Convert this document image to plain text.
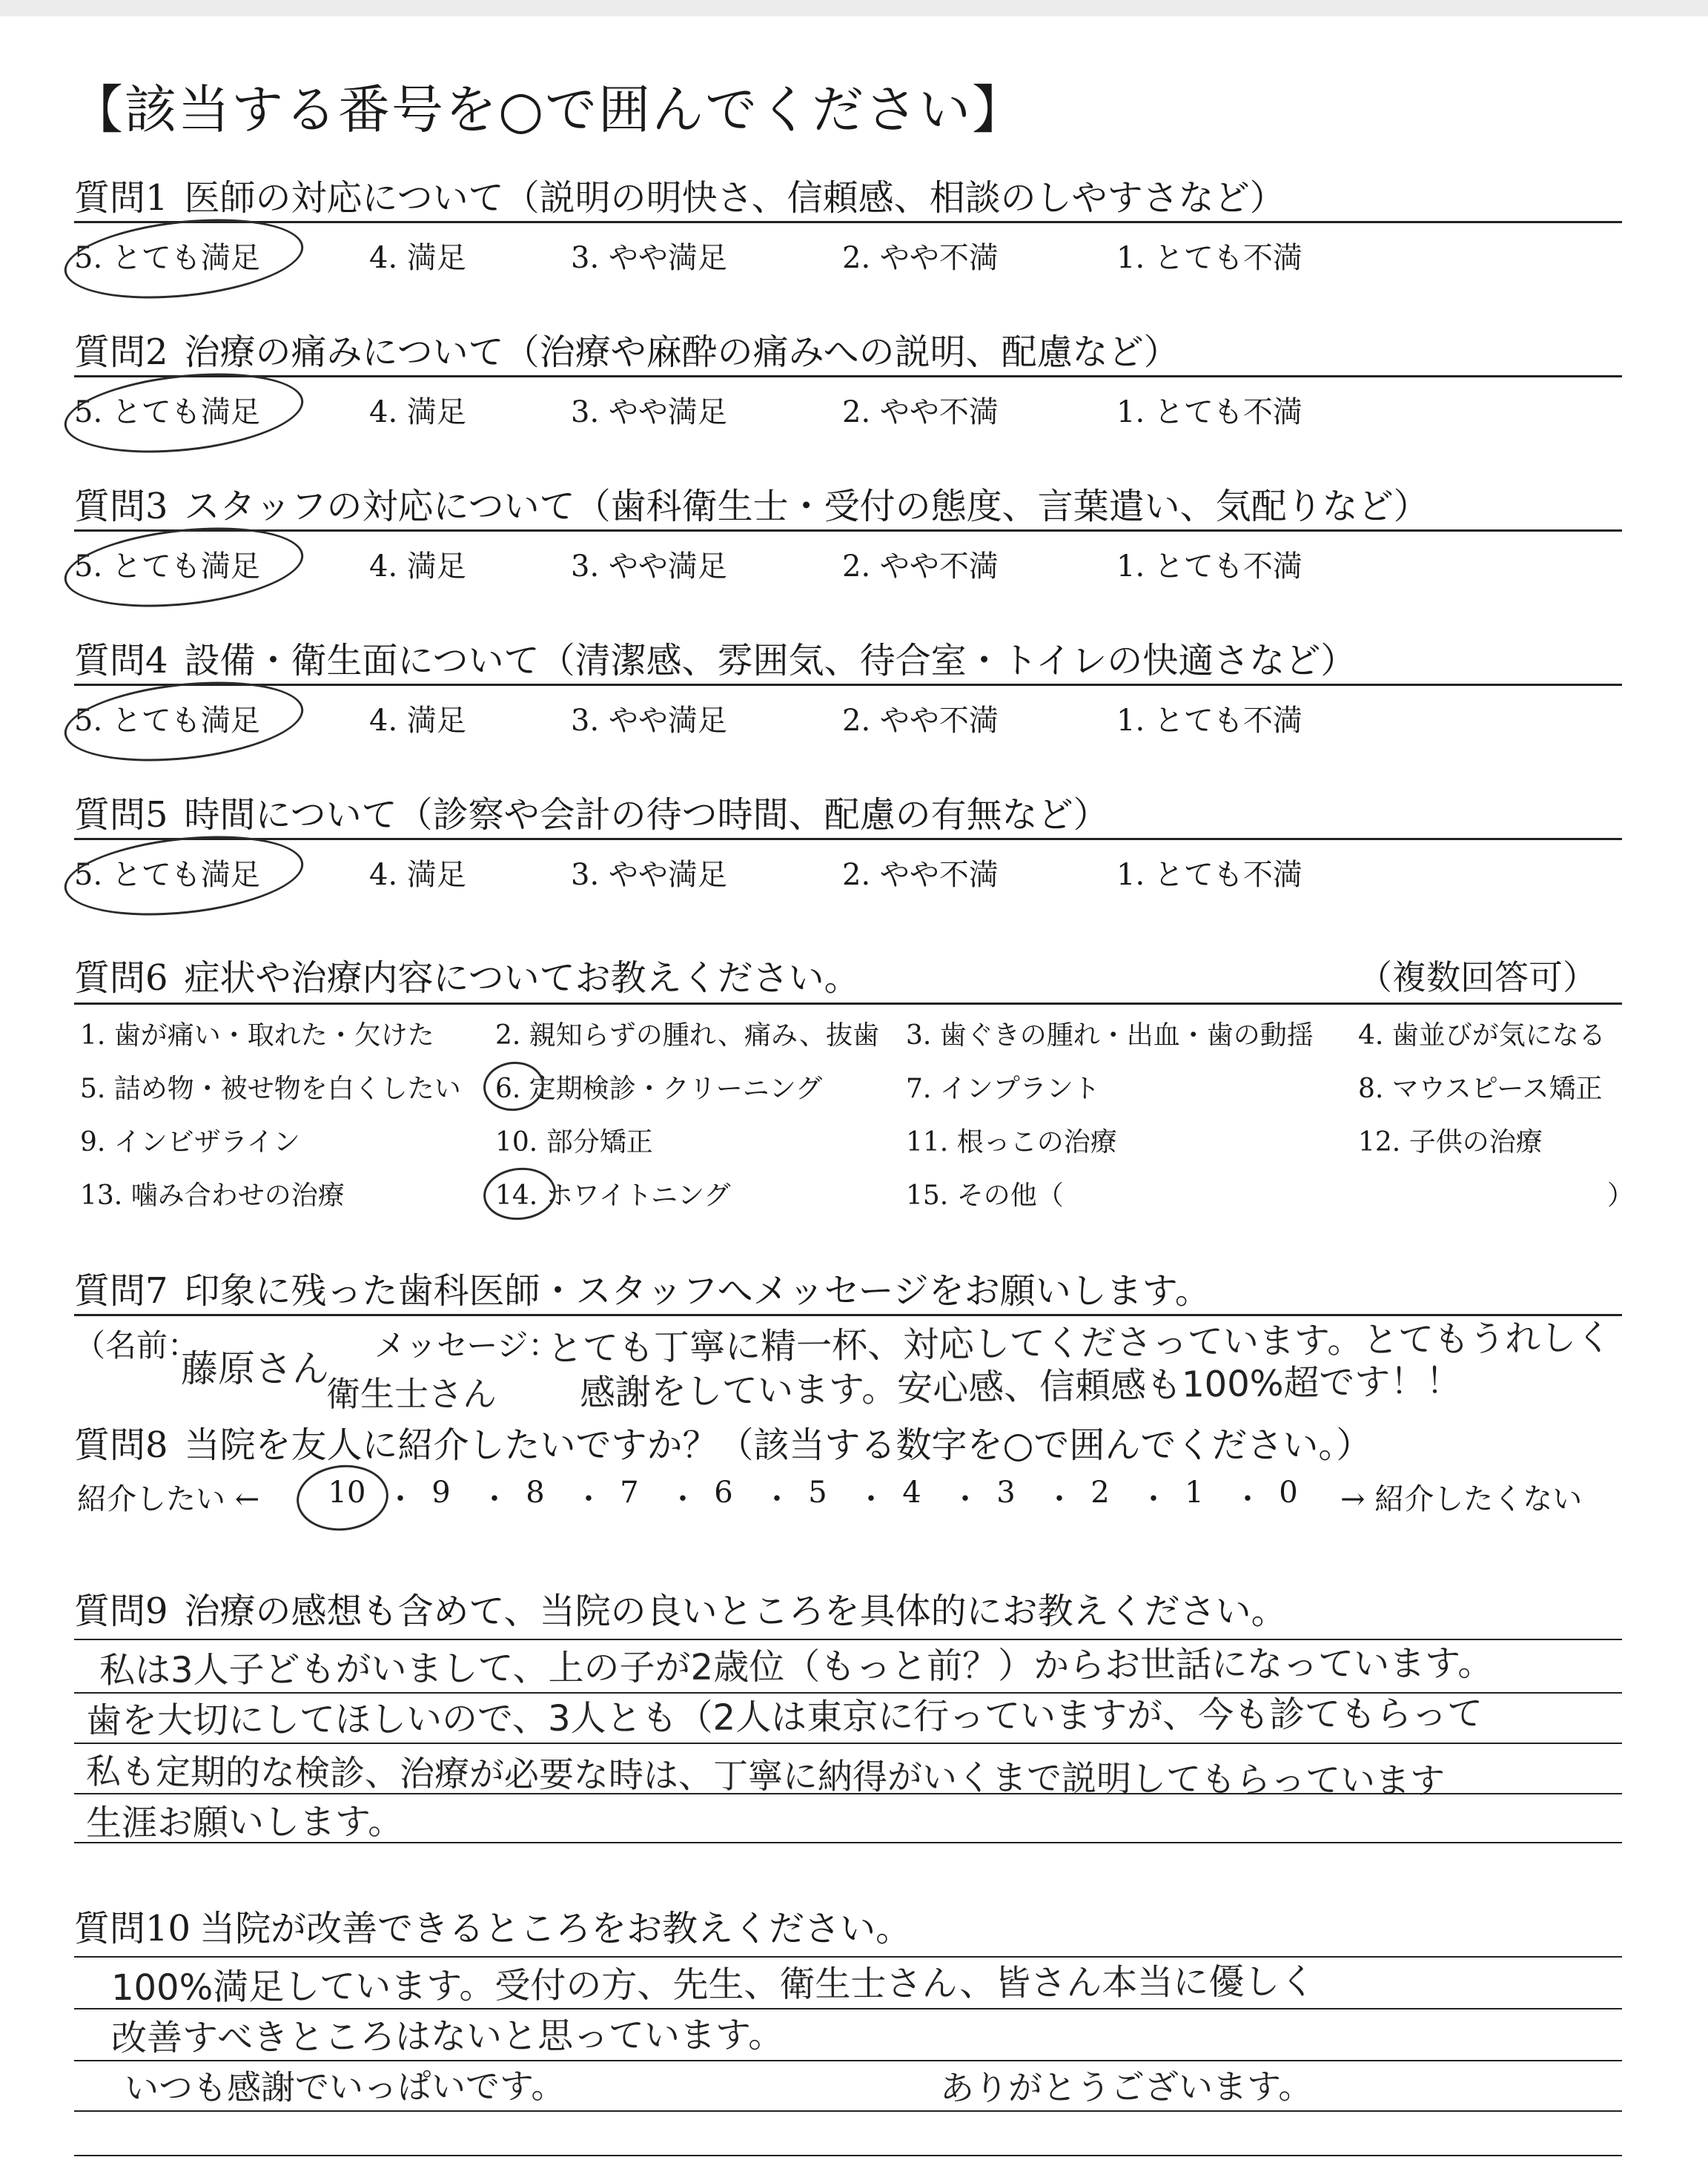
【該当する番号を○で囲んでください】
質問1 医師の対応について（説明の明快さ、信頼感、相談のしやすさなど）
5. とても満足	4. 満足	3. やや満足	2. やや不満	1. とても不満
質問2 治療の痛みについて（治療や麻酔の痛みへの説明、配慮など）
5. とても満足	4. 満足	3. やや満足	2. やや不満	1. とても不満
質問3 スタッフの対応について（歯科衛生士・受付の態度、言葉遣い、気配りなど）
5. とても満足	4. 満足	3. やや満足	2. やや不満	1. とても不満
質問4 設備・衛生面について（清潔感、雰囲気、待合室・トイレの快適さなど）
5. とても満足	4. 満足	3. やや満足	2. やや不満	1. とても不満
質問5 時間について（診察や会計の待つ時間、配慮の有無など）
5. とても満足	4. 満足	3. やや満足	2. やや不満	1. とても不満
質問6 症状や治療内容についてお教えください。	（複数回答可）
1. 歯が痛い・取れた・欠けた 2. 親知らずの腫れ、痛み、抜歯 3. 歯ぐきの腫れ・出血・歯の動揺 4. 歯並びが気になる
5. 詰め物・被せ物を白くしたい 6. 定期検診・クリーニング	7. インプラント	8. マウスピース矯正
9. インビザライン	10. 部分矯正	11. 根っこの治療	12. 子供の治療
13. 噛み合わせの治療	14. ホワイトニング	15. その他（	）
質問7 印象に残った歯科医師・スタッフへメッセージをお願いします。
（名前：	メッセージ：
藤原さん
衛生士さん
とても丁寧に精一杯、対応してくださっています。とてもうれしく
感謝をしています。安心感、信頼感も100%超です！！
質問8 当院を友人に紹介したいですか？（該当する数字を○で囲んでください。）
紹介したい ← 10 ・ 9 ・ 8 ・ 7 ・ 6 ・ 5 ・ 4 ・ 3 ・ 2 ・ 1 ・ 0	→ 紹介したくない
質問9 治療の感想も含めて、当院の良いところを具体的にお教えください。
私は3人子どもがいまして、上の子が2歳位（もっと前？）からお世話になっています。
歯を大切にしてほしいので、3人とも（2人は東京に行っていますが、今も診てもらって
私も定期的な検診、治療が必要な時は、丁寧に納得がいくまで説明してもらっています
生涯お願いします。
質問10 当院が改善できるところをお教えください。
100%満足しています。受付の方、先生、衛生士さん、皆さん本当に優しく
改善すべきところはないと思っています。
いつも感謝でいっぱいです。	ありがとうございます。
